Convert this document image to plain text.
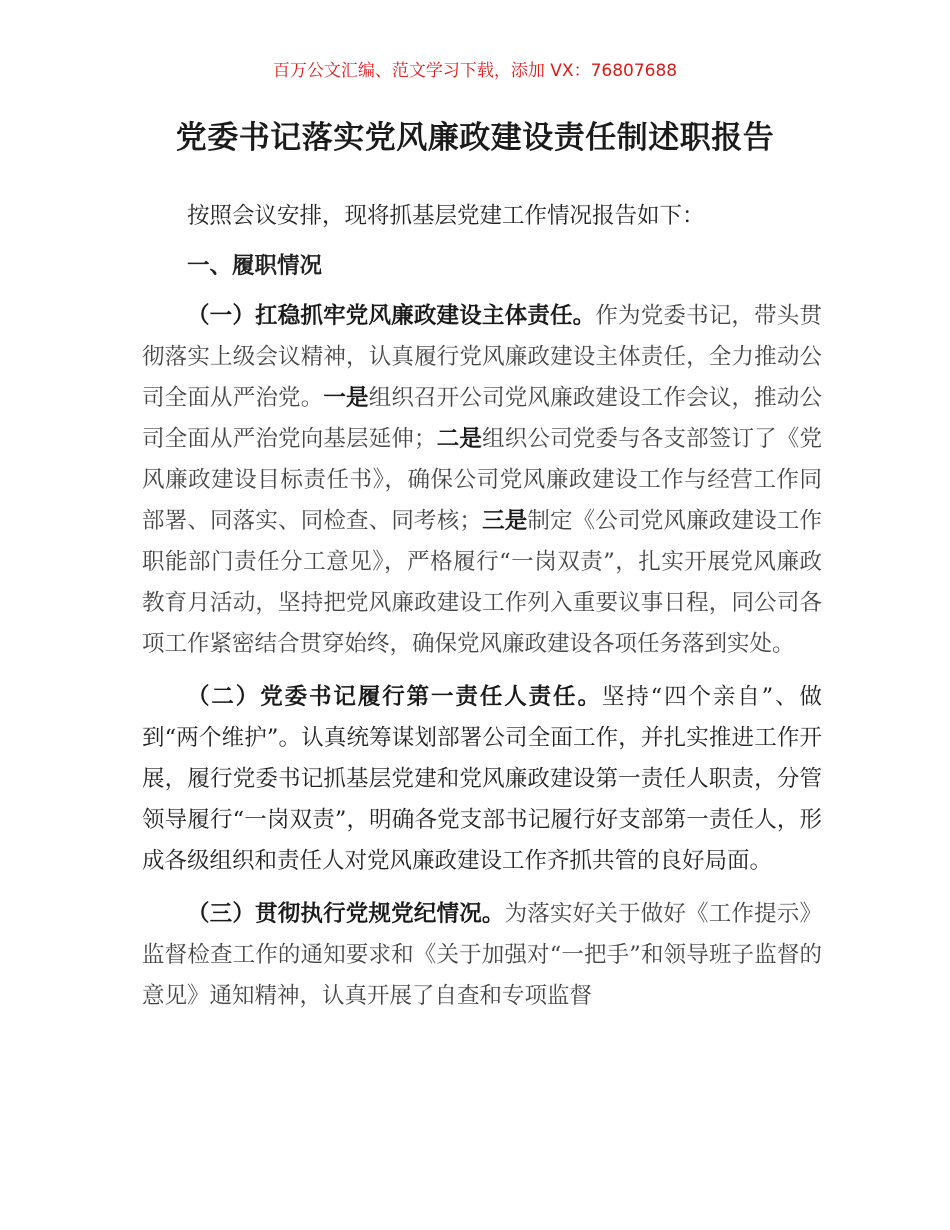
百万公文汇编、范文学习下载，添加 VX：76807688
党委书记落实党风廉政建设责任制述职报告

按照会议安排，现将抓基层党建工作情况报告如下：

一、履职情况

（一）扛稳抓牢党风廉政建设主体责任。作为党委书记，带头贯彻落实上级会议精神，认真履行党风廉政建设主体责任，全力推动公司全面从严治党。一是组织召开公司党风廉政建设工作会议，推动公司全面从严治党向基层延伸；二是组织公司党委与各支部签订了《党风廉政建设目标责任书》，确保公司党风廉政建设工作与经营工作同部署、同落实、同检查、同考核；三是制定《公司党风廉政建设工作职能部门责任分工意见》，严格履行“一岗双责”，扎实开展党风廉政教育月活动，坚持把党风廉政建设工作列入重要议事日程，同公司各项工作紧密结合贯穿始终，确保党风廉政建设各项任务落到实处。

（二）党委书记履行第一责任人责任。坚持“四个亲自”、做到“两个维护”。认真统筹谋划部署公司全面工作，并扎实推进工作开展，履行党委书记抓基层党建和党风廉政建设第一责任人职责，分管领导履行“一岗双责”，明确各党支部书记履行好支部第一责任人，形成各级组织和责任人对党风廉政建设工作齐抓共管的良好局面。

（三）贯彻执行党规党纪情况。为落实好关于做好《工作提示》监督检查工作的通知要求和《关于加强对“一把手”和领导班子监督的意见》通知精神，认真开展了自查和专项监督
